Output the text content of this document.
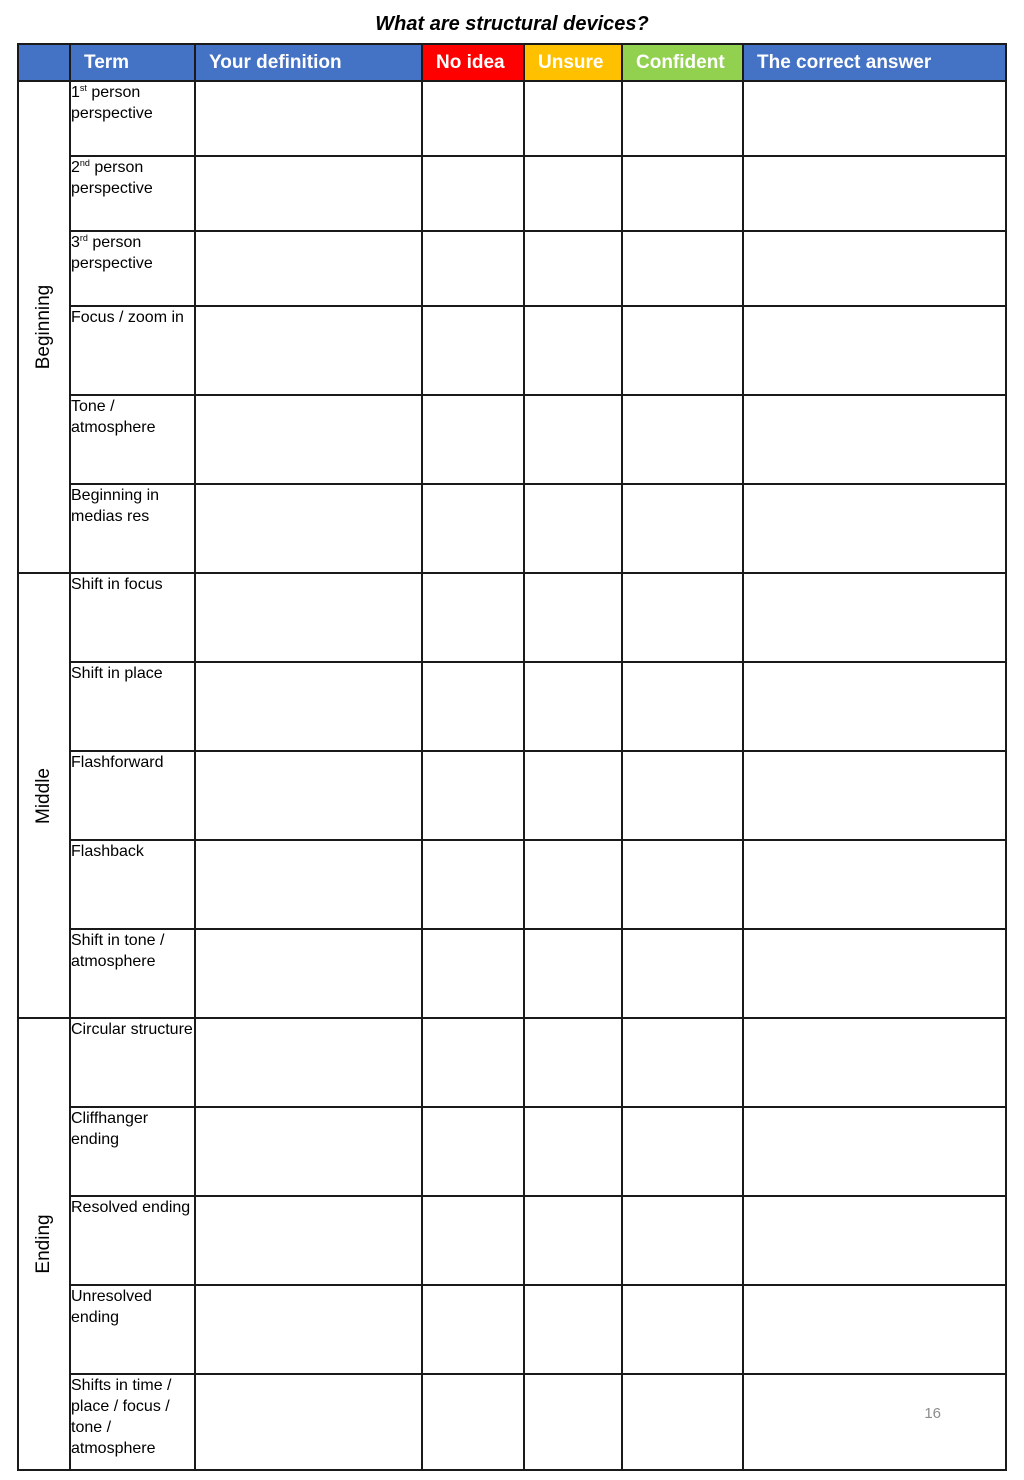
What are structural devices?
	Term	Your definition	No idea	Unsure	Confident	The correct answer

Beginning	1st person perspective					
	2nd person perspective					
	3rd person perspective					
	Focus / zoom in					
	Tone / atmosphere					
	Beginning in medias res					

Middle	Shift in focus					
	Shift in place					
	Flashforward					
	Flashback					
	Shift in tone / atmosphere					

Ending	Circular structure					
	Cliffhanger ending					
	Resolved ending					
	Unresolved ending					
	Shifts in time / place / focus / tone / atmosphere					16
